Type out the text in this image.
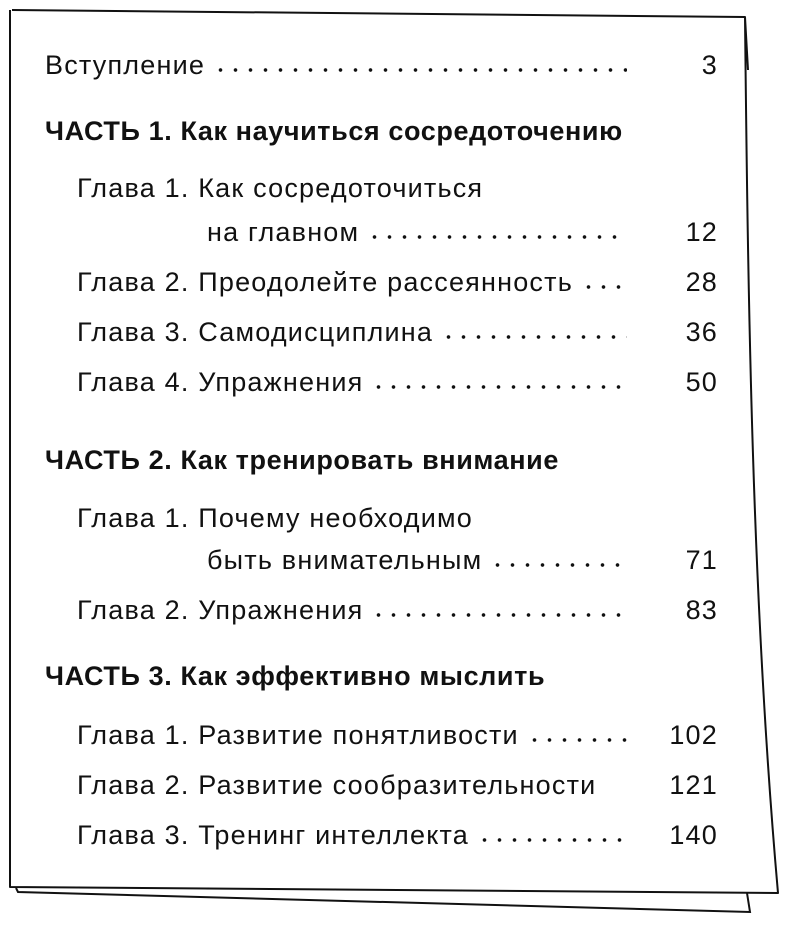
Вступление	3
ЧАСТЬ 1. Как научиться сосредоточению
Глава 1. Как сосредоточиться
на главном	12
Глава 2. Преодолейте рассеянность	28
Глава 3. Самодисциплина	36
Глава 4. Упражнения	50
ЧАСТЬ 2. Как тренировать внимание
Глава 1. Почему необходимо
быть внимательным	71
Глава 2. Упражнения	83
ЧАСТЬ 3. Как эффективно мыслить
Глава 1. Развитие понятливости	102
Глава 2. Развитие сообразительности	121
Глава 3. Тренинг интеллекта	140
